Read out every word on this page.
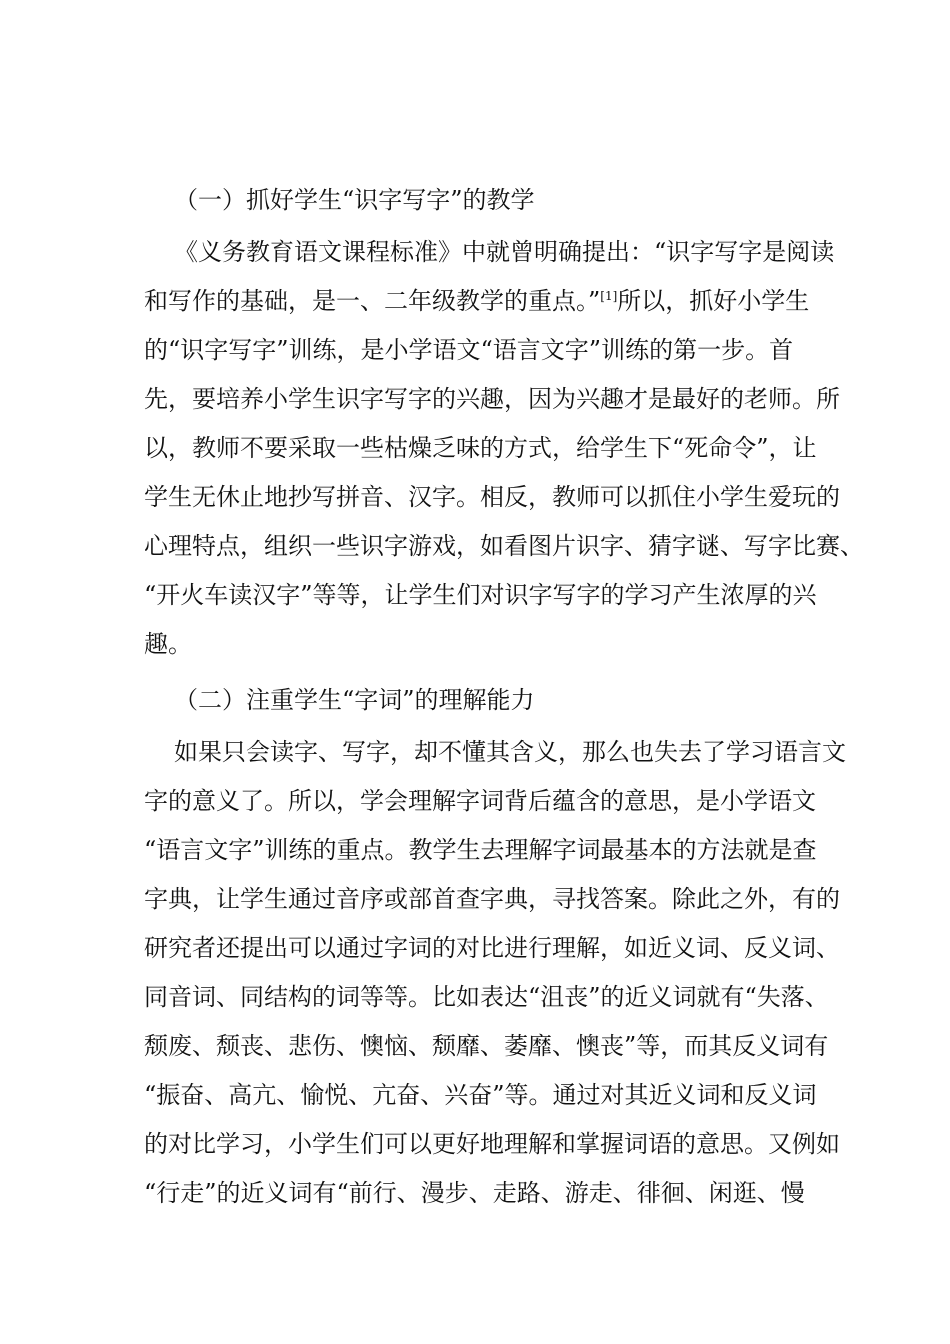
（一）抓好学生“识字写字”的教学

《义务教育语文课程标准》中就曾明确提出：“识字写字是阅读

和写作的基础，是一、二年级教学的重点。”[1]所以，抓好小学生

的“识字写字”训练，是小学语文“语言文字”训练的第一步。首

先，要培养小学生识字写字的兴趣，因为兴趣才是最好的老师。所

以，教师不要采取一些枯燥乏味的方式，给学生下“死命令”，让

学生无休止地抄写拼音、汉字。相反，教师可以抓住小学生爱玩的

心理特点，组织一些识字游戏，如看图片识字、猜字谜、写字比赛、

“开火车读汉字”等等，让学生们对识字写字的学习产生浓厚的兴

趣。

（二）注重学生“字词”的理解能力

如果只会读字、写字，却不懂其含义，那么也失去了学习语言文

字的意义了。所以，学会理解字词背后蕴含的意思，是小学语文

“语言文字”训练的重点。教学生去理解字词最基本的方法就是查

字典，让学生通过音序或部首查字典，寻找答案。除此之外，有的

研究者还提出可以通过字词的对比进行理解，如近义词、反义词、

同音词、同结构的词等等。比如表达“沮丧”的近义词就有“失落、

颓废、颓丧、悲伤、懊恼、颓靡、萎靡、懊丧”等，而其反义词有

“振奋、高亢、愉悦、亢奋、兴奋”等。通过对其近义词和反义词

的对比学习，小学生们可以更好地理解和掌握词语的意思。又例如

“行走”的近义词有“前行、漫步、走路、游走、徘徊、闲逛、慢
